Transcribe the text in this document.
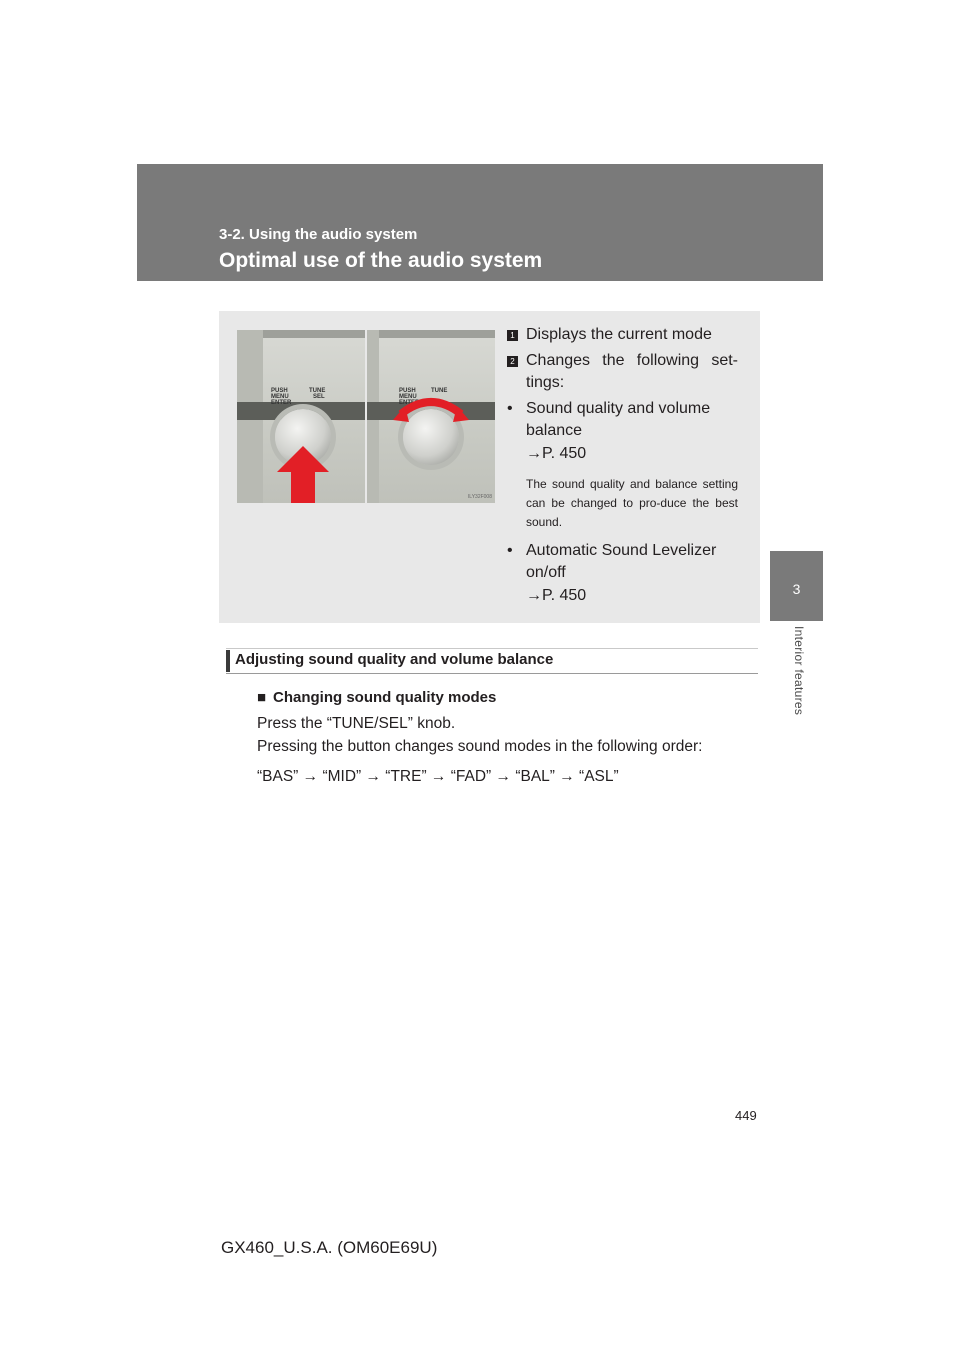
3-2. Using the audio system
Optimal use of the audio system
3
Interior features
PUSH
MENU
ENTER
TUNE
SEL
PUSH
MENU
ENTER
TUNE
ILY32F008
1 Displays the current mode
2 Changes the following set-tings:
• Sound quality and volume balance
→P. 450
The sound quality and balance setting can be changed to pro-duce the best sound.
• Automatic Sound Levelizer on/off
→P. 450
Adjusting sound quality and volume balance
■ Changing sound quality modes
Press the “TUNE/SEL” knob.
Pressing the button changes sound modes in the following order:
“BAS” → “MID” → “TRE” → “FAD” → “BAL” → “ASL”
449
GX460_U.S.A. (OM60E69U)
